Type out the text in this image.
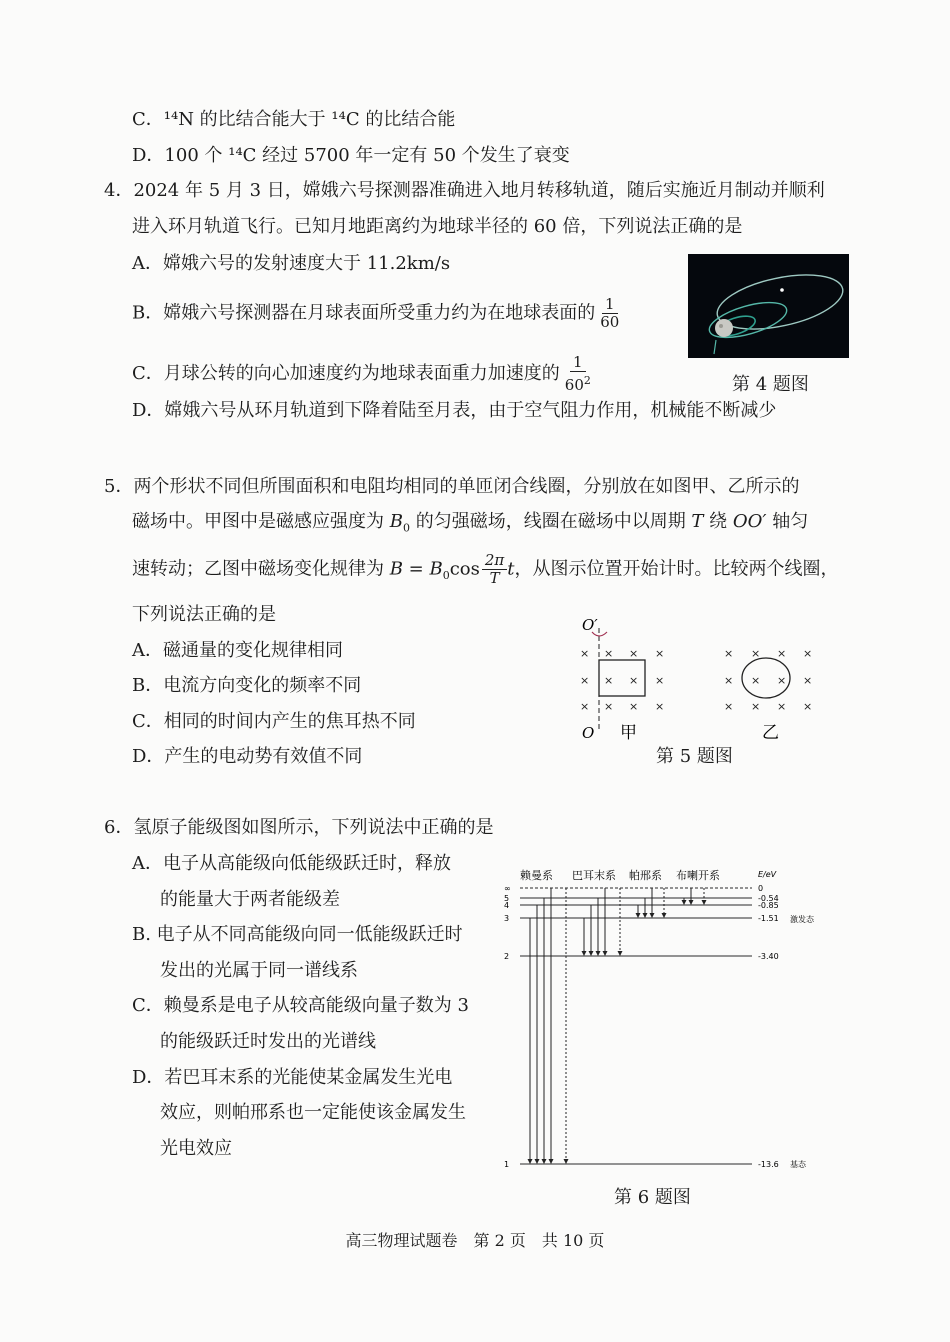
C．¹⁴N 的比结合能大于 ¹⁴C 的比结合能
D．100 个 ¹⁴C 经过 5700 年一定有 50 个发生了衰变
4．2024 年 5 月 3 日，嫦娥六号探测器准确进入地月转移轨道，随后实施近月制动并顺利
进入环月轨道飞行。已知月地距离约为地球半径的 60 倍，下列说法正确的是
A．嫦娥六号的发射速度大于 11.2km/s
B．嫦娥六号探测器在月球表面所受重力约为在地球表面的 $\frac{1}{60}$
C．月球公转的向心加速度约为地球表面重力加速度的 $\frac{1}{60^2}$
D．嫦娥六号从环月轨道到下降着陆至月表，由于空气阻力作用，机械能不断减少
第 4 题图
5．两个形状不同但所围面积和电阻均相同的单匝闭合线圈，分别放在如图甲、乙所示的
磁场中。甲图中是磁感应强度为 $B_0$ 的匀强磁场，线圈在磁场中以周期 T 绕 OO′ 轴匀
速转动；乙图中磁场变化规律为 $B = B_0\cos \frac{2\pi}{T}$ t，从图示位置开始计时。比较两个线圈，
下列说法正确的是
A．磁通量的变化规律相同
B．电流方向变化的频率不同
C．相同的时间内产生的焦耳热不同
D．产生的电动势有效值不同
O′
O
×
×
×
×
×
×
×
×
×
×
×
×
×
×
×
×
×
×
×
×
×
×
×
×
甲	乙
第 5 题图
6．氢原子能级图如图所示，下列说法中正确的是
A．电子从高能级向低能级跃迁时，释放
的能量大于两者能级差
B. 电子从不同高能级向同一低能级跃迁时
发出的光属于同一谱线系
C．赖曼系是电子从较高能级向量子数为 3
的能级跃迁时发出的光谱线
D．若巴耳末系的光能使某金属发生光电
效应，则帕邢系也一定能使该金属发生
光电效应
赖曼系 巴耳末系 帕邢系 布喇开系	E/eV
∞	0
5	-0.54
4	-0.85
3	-1.51
2	-3.40
1	-13.6
激发态
基态
第 6 题图
高三物理试题卷　第 2 页　共 10 页
